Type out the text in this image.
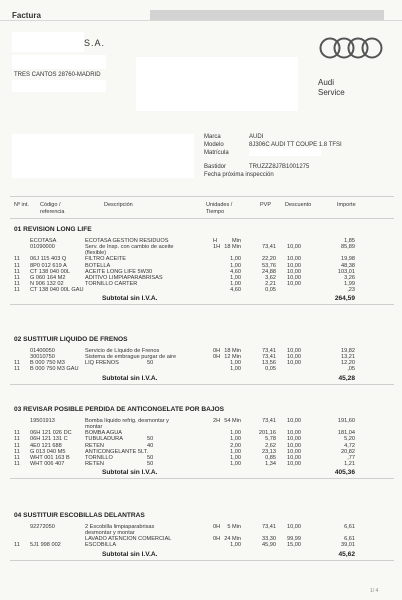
Factura
S.A.
TRES CANTOS 28760-MADRID
Audi
Service
Marca	AUDI
Modelo	8J306C AUDI TT COUPE 1.8 TFSI
Matrícula
Bastidor	TRUZZZ8J7B1001275
Fecha próxima inspección
Nº int. Código /
referencia
Descripción	Unidades /
Tiempo
PVP	Descuento	Importe
01 REVISION LONG LIFE
ECOTASA	ECOTASA GESTION RESIDUOS	H	Min	1,85
01090000	Serv. de Insp. con cambio de aceite
(flexible)
1H 18 Min	73,41 10,00	85,89
11 06J 115 403 Q	FILTRO ACEITE	1,00	22,20 10,00	19,98
11 8P0 012 619 A	BOTELLA	1,00	53,76 10,00	48,38
11 CT 138 040 00L	ACEITE LONG LIFE 5W30	4,60	24,88 10,00	103,01
11 G 060 164 M2	ADITIVO LIMPIAPARABRISAS	1,00	3,62 10,00	3,26
11 N 906 132 02	TORNILLO CARTER	1,00	2,21 10,00	1,99
11 CT 138 040 00L GAU	4,60	0,05	,23
Subtotal sin I.V.A.	264,59
02 SUSTITUIR LIQUIDO DE FRENOS
01400050	Servicio de Líquido de Frenos	0H 18 Min	73,41 10,00	19,82
30010750	Sistema de embrague purgar de aire	0H 12 Min	73,41 10,00	13,21
11 B 000 750 M3	LIQ FRENOS	50	1,00	13,56 10,00	12,20
11 B 000 750 M3 GAU	1,00	0,05	,05
Subtotal sin I.V.A.	45,28
03 REVISAR POSIBLE PERDIDA DE ANTICONGELATE POR BAJOS
19501913	Bomba líquido refrig. desmontar y
montar
2H 54 Min	73,41 10,00	191,60
11 06H 121 026 DC BOMBA AGUA	1,00	201,16 10,00	181,04
11 06H 121 131 C	TUBULADURA	50	1,00	5,78 10,00	5,20
11 4E0 121 688	RETEN	40	2,00	2,62 10,00	4,72
11 G 013 040 M5	ANTICONGELANTE 5LT.	1,00	23,13 10,00	20,82
11 WHT 001 163 B	TORNILLO	50	1,00	0,85 10,00	,77
11 WHT 006 407	RETEN	50	1,00	1,34 10,00	1,21
Subtotal sin I.V.A.	405,36
04 SUSTITUIR ESCOBILLAS DELANTRAS
92272050	2 Escobilla limpiaparabrisas
desmontar y montar
0H 5 Min	73,41 10,00	6,61
LAVADO ATENCION COMERCIAL	0H 24 Min	33,30 99,99	6,61
11 5J1 998 002	ESCOBILLA	1,00	45,90 15,00	39,01
Subtotal sin I.V.A.	45,62
1/ 4
